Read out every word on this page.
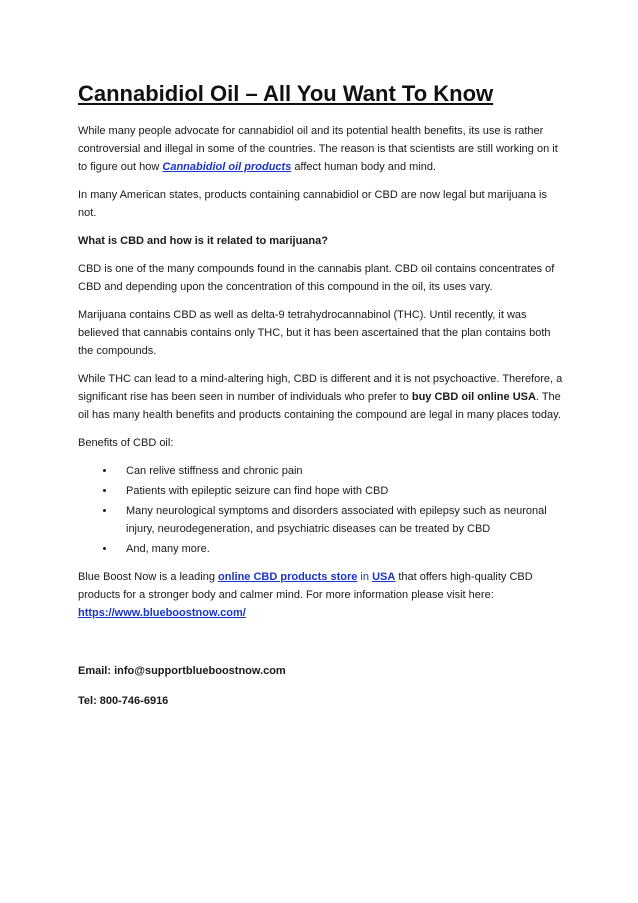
Cannabidiol Oil – All You Want To Know

While many people advocate for cannabidiol oil and its potential health benefits, its use is rather controversial and illegal in some of the countries. The reason is that scientists are still working on it to figure out how Cannabidiol oil products affect human body and mind.

In many American states, products containing cannabidiol or CBD are now legal but marijuana is not.

What is CBD and how is it related to marijuana?

CBD is one of the many compounds found in the cannabis plant. CBD oil contains concentrates of CBD and depending upon the concentration of this compound in the oil, its uses vary.

Marijuana contains CBD as well as delta-9 tetrahydrocannabinol (THC). Until recently, it was believed that cannabis contains only THC, but it has been ascertained that the plan contains both the compounds.

While THC can lead to a mind-altering high, CBD is different and it is not psychoactive. Therefore, a significant rise has been seen in number of individuals who prefer to buy CBD oil online USA. The oil has many health benefits and products containing the compound are legal in many places today.

Benefits of CBD oil:

• Can relive stiffness and chronic pain
• Patients with epileptic seizure can find hope with CBD
• Many neurological symptoms and disorders associated with epilepsy such as neuronal injury, neurodegeneration, and psychiatric diseases can be treated by CBD
• And, many more.

Blue Boost Now is a leading online CBD products store in USA that offers high-quality CBD products for a stronger body and calmer mind. For more information please visit here: https://www.blueboostnow.com/

Email: info@supportblueboostnow.com

Tel: 800-746-6916
